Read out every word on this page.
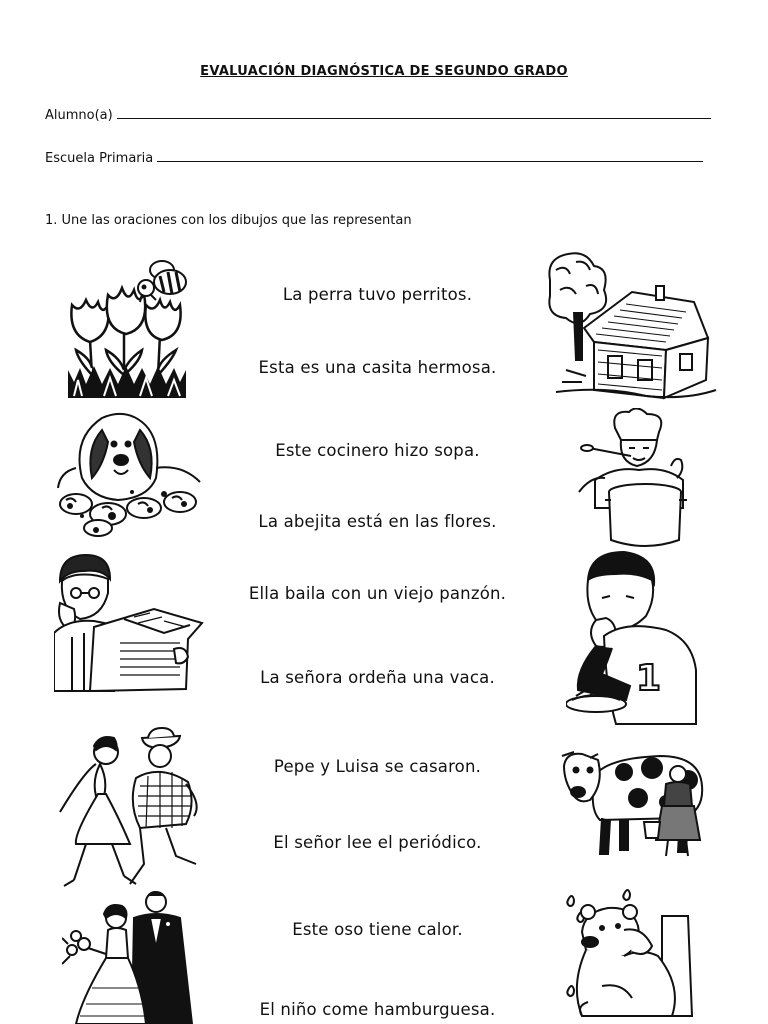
EVALUACIÓN DIAGNÓSTICA DE SEGUNDO GRADO
Alumno(a)
Escuela Primaria
1. Une las oraciones con los dibujos que las representan
La perra tuvo perritos.
Esta es una casita hermosa.
Este cocinero hizo sopa.
La abejita está en las flores.
Ella baila con un viejo panzón.
La señora ordeña una vaca.
Pepe y Luisa se casaron.
El señor lee el periódico.
Este oso tiene calor.
El niño come hamburguesa.
1
